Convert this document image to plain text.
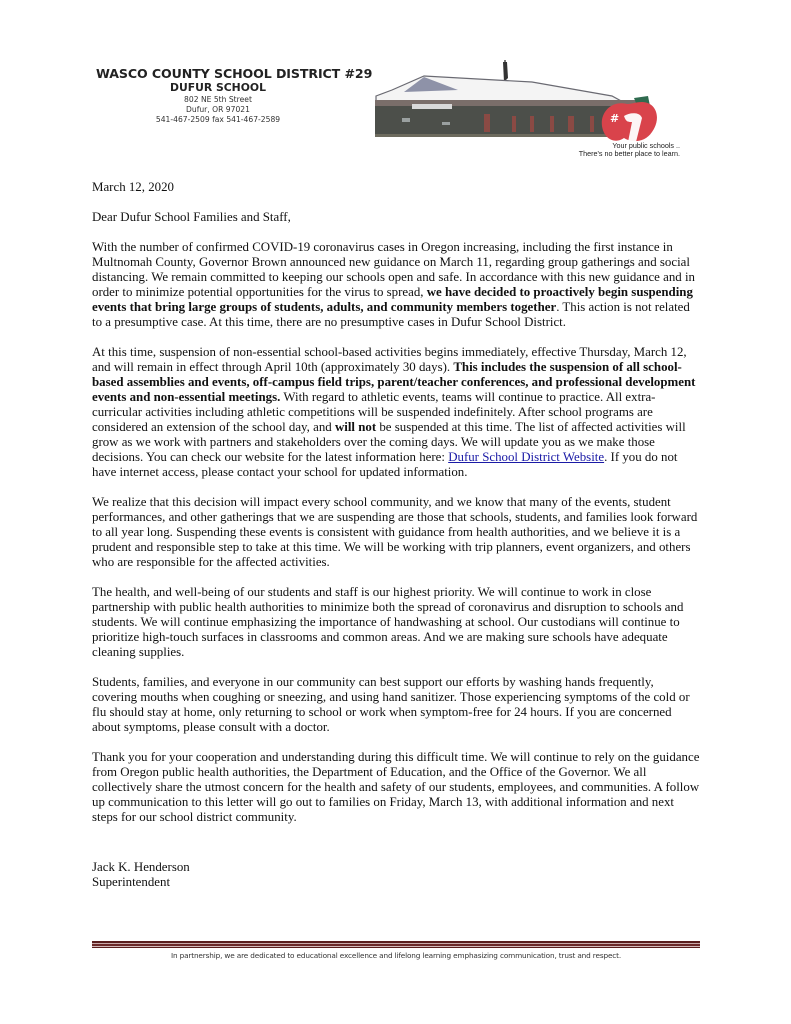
WASCO COUNTY SCHOOL DISTRICT #29
DUFUR SCHOOL
802 NE 5th Street
Dufur, OR 97021
541-467-2509 fax 541-467-2589	#
Your public schools ..
There's no better place to learn.

March 12, 2020

Dear Dufur School Families and Staff,

With the number of confirmed COVID-19 coronavirus cases in Oregon increasing, including the first instance in Multnomah County, Governor Brown announced new guidance on March 11, regarding group gatherings and social distancing. We remain committed to keeping our schools open and safe. In accordance with this new guidance and in order to minimize potential opportunities for the virus to spread, we have decided to proactively begin suspending events that bring large groups of students, adults, and community members together. This action is not related to a presumptive case. At this time, there are no presumptive cases in Dufur School District.

At this time, suspension of non-essential school-based activities begins immediately, effective Thursday, March 12, and will remain in effect through April 10th (approximately 30 days). This includes the suspension of all school-based assemblies and events, off-campus field trips, parent/teacher conferences, and professional development events and non-essential meetings. With regard to athletic events, teams will continue to practice. All extra-curricular activities including athletic competitions will be suspended indefinitely. After school programs are considered an extension of the school day, and will not be suspended at this time. The list of affected activities will grow as we work with partners and stakeholders over the coming days. We will update you as we make those decisions. You can check our website for the latest information here: Dufur School District Website. If you do not have internet access, please contact your school for updated information.

We realize that this decision will impact every school community, and we know that many of the events, student performances, and other gatherings that we are suspending are those that schools, students, and families look forward to all year long. Suspending these events is consistent with guidance from health authorities, and we believe it is a prudent and responsible step to take at this time. We will be working with trip planners, event organizers, and others who are responsible for the affected activities.

The health, and well-being of our students and staff is our highest priority. We will continue to work in close partnership with public health authorities to minimize both the spread of coronavirus and disruption to schools and students. We will continue emphasizing the importance of handwashing at school. Our custodians will continue to prioritize high-touch surfaces in classrooms and common areas. And we are making sure schools have adequate cleaning supplies.

Students, families, and everyone in our community can best support our efforts by washing hands frequently, covering mouths when coughing or sneezing, and using hand sanitizer. Those experiencing symptoms of the cold or flu should stay at home, only returning to school or work when symptom-free for 24 hours. If you are concerned about symptoms, please consult with a doctor.

Thank you for your cooperation and understanding during this difficult time. We will continue to rely on the guidance from Oregon public health authorities, the Department of Education, and the Office of the Governor. We all collectively share the utmost concern for the health and safety of our students, employees, and communities. A follow up communication to this letter will go out to families on Friday, March 13, with additional information and next steps for our school district community.

Jack K. Henderson
Superintendent
In partnership, we are dedicated to educational excellence and lifelong learning emphasizing communication, trust and respect.
